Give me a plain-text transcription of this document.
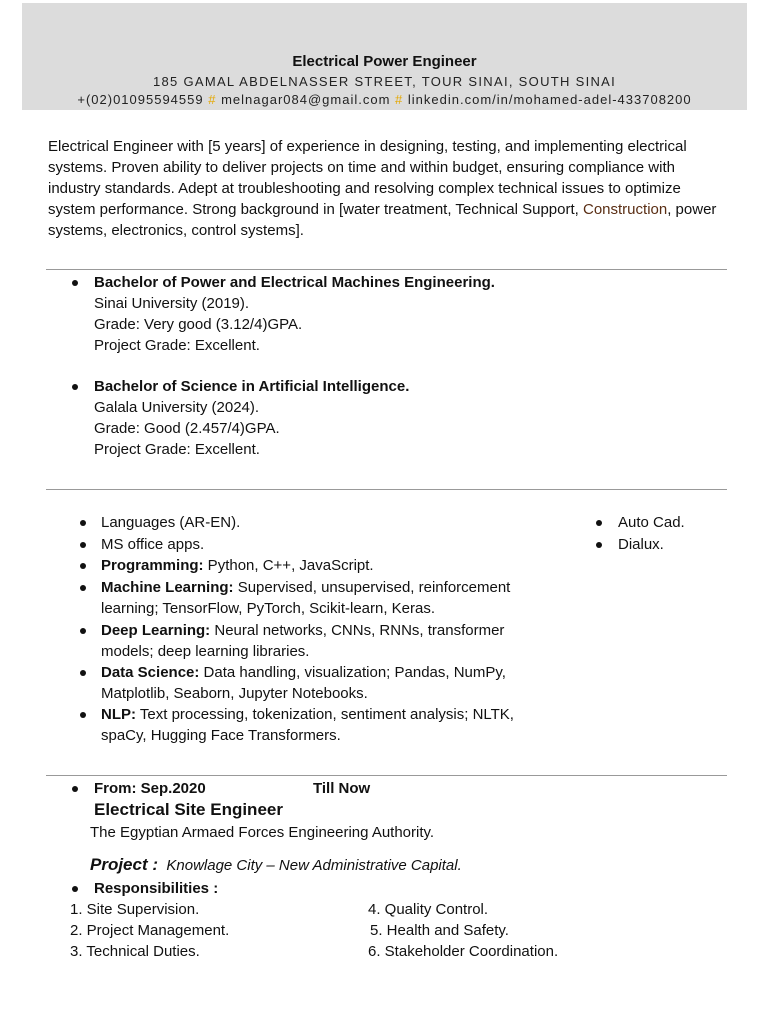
Electrical Power Engineer
185 GAMAL ABDELNASSER STREET, TOUR SINAI, SOUTH SINAI
+(02)01095594559 # melnagar084@gmail.com # linkedin.com/in/mohamed-adel-433708200
Electrical Engineer with [5 years] of experience in designing, testing, and implementing electrical systems. Proven ability to deliver projects on time and within budget, ensuring compliance with industry standards. Adept at troubleshooting and resolving complex technical issues to optimize system performance. Strong background in [water treatment, Technical Support, Construction, power systems, electronics, control systems].
Bachelor of Power and Electrical Machines Engineering.
Sinai University (2019).
Grade: Very good (3.12/4)GPA.
Project Grade: Excellent.
Bachelor of Science in Artificial Intelligence.
Galala University (2024).
Grade: Good (2.457/4)GPA.
Project Grade: Excellent.
Languages (AR-EN).
MS office apps.
Programming: Python, C++, JavaScript.
Machine Learning: Supervised, unsupervised, reinforcement
learning; TensorFlow, PyTorch, Scikit-learn, Keras.
Deep Learning: Neural networks, CNNs, RNNs, transformer
models; deep learning libraries.
Data Science: Data handling, visualization; Pandas, NumPy,
Matplotlib, Seaborn, Jupyter Notebooks.
NLP: Text processing, tokenization, sentiment analysis; NLTK,
spaCy, Hugging Face Transformers.
Auto Cad.
Dialux.
From: Sep.2020	Till Now
Electrical Site Engineer
The Egyptian Armaed Forces Engineering Authority.
Project : Knowlage City – New Administrative Capital.
Responsibilities :
1. Site Supervision.
2. Project Management.
3. Technical Duties.
4. Quality Control.
5. Health and Safety.
6. Stakeholder Coordination.
